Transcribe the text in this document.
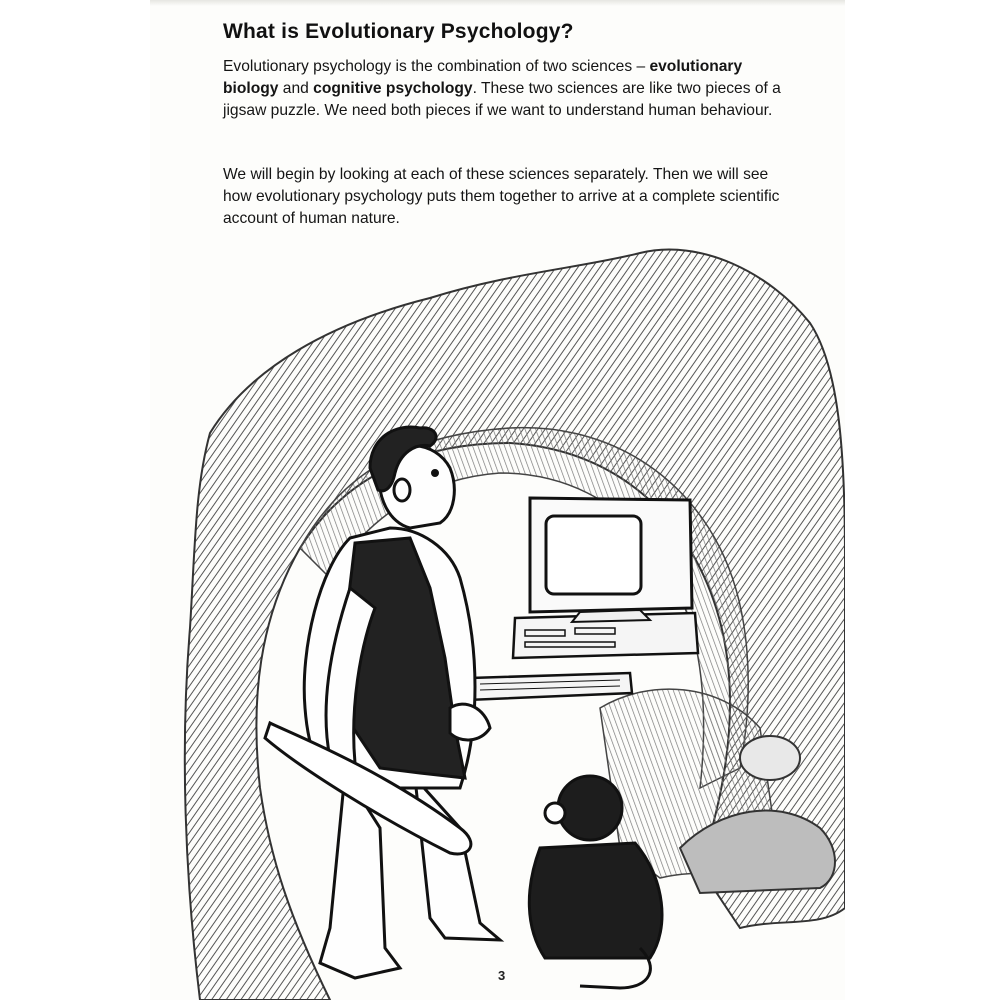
What is Evolutionary Psychology?

Evolutionary psychology is the combination of two sciences – evolutionary biology and cognitive psychology. These two sciences are like two pieces of a jigsaw puzzle. We need both pieces if we want to understand human behaviour.

We will begin by looking at each of these sciences separately. Then we will see how evolutionary psychology puts them together to arrive at a complete scientific account of human nature.

3
